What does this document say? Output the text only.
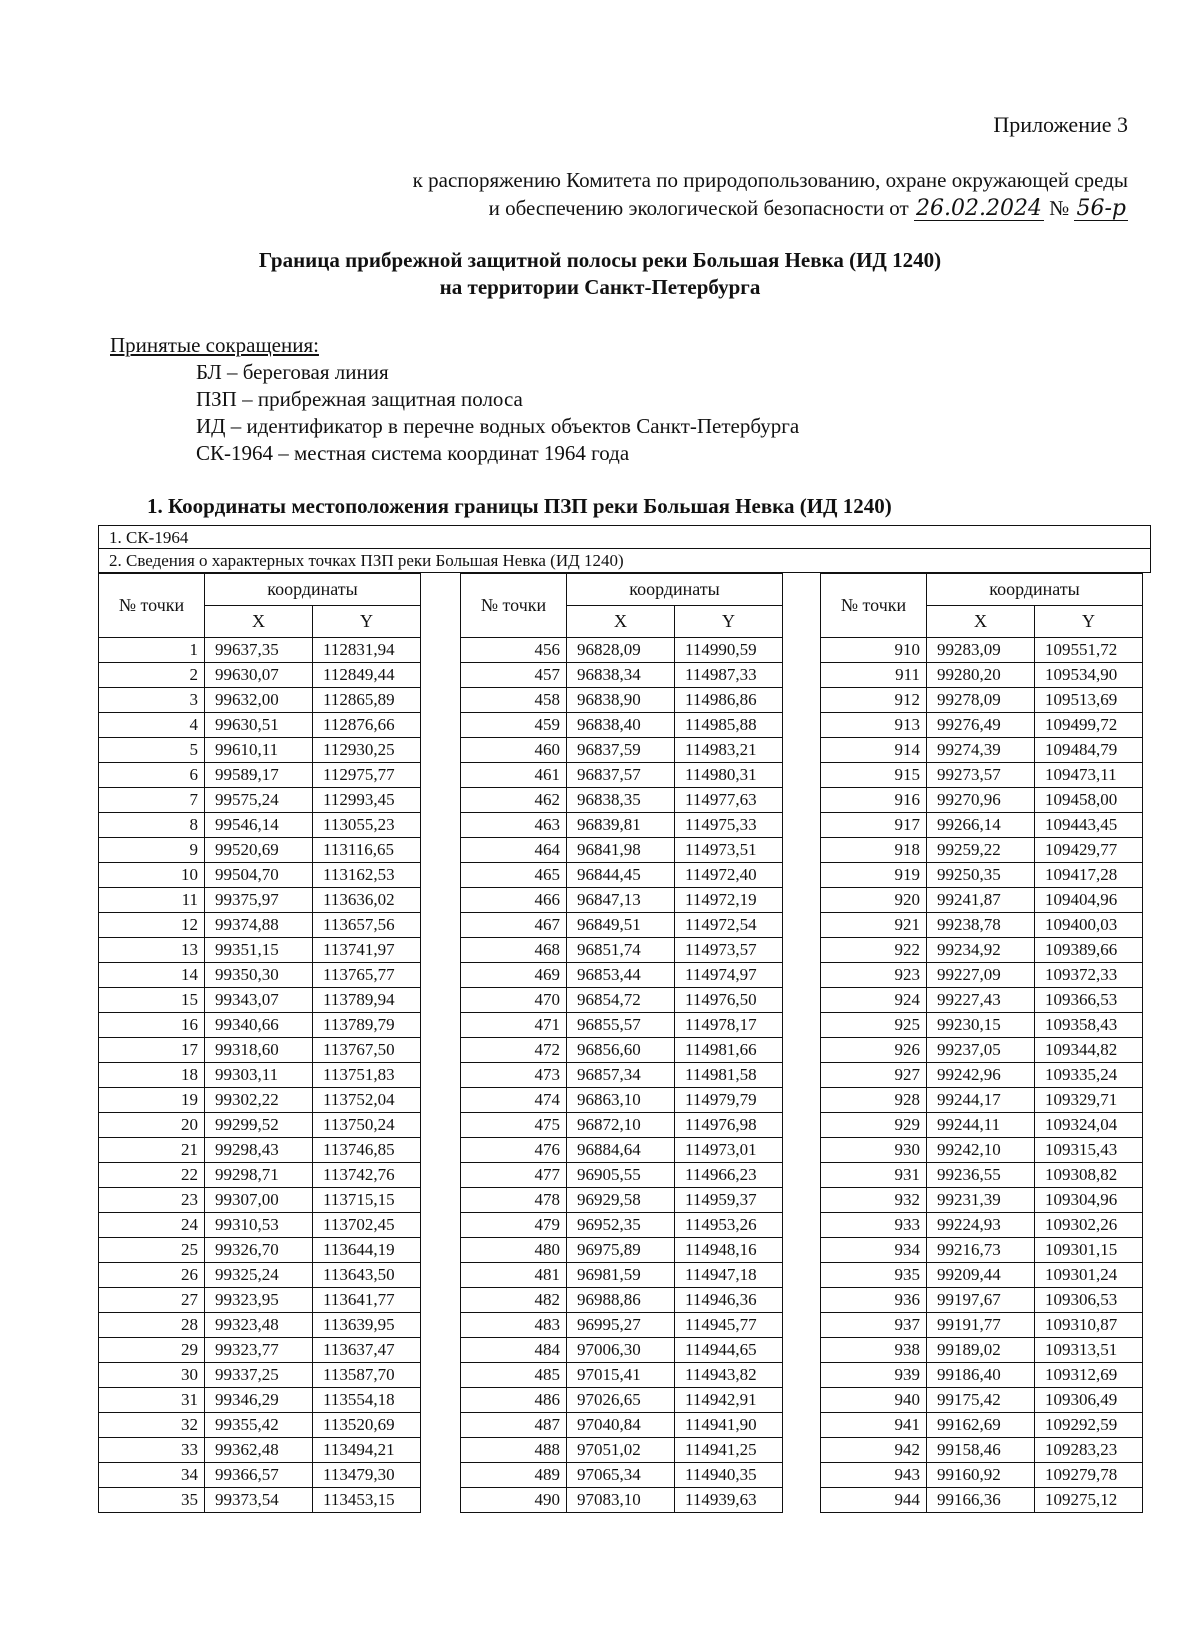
Приложение 3
к распоряжению Комитета по природопользованию, охране окружающей среды
и обеспечению экологической безопасности от 26.02.2024 № 56-р
Граница прибрежной защитной полосы реки Большая Невка (ИД 1240)
на территории Санкт-Петербурга
Принятые сокращения:
БЛ – береговая линия
ПЗП – прибрежная защитная полоса
ИД – идентификатор в перечне водных объектов Санкт-Петербурга
СК-1964 – местная система координат 1964 года
1. Координаты местоположения границы ПЗП реки Большая Невка (ИД 1240)
1. СК-1964
2. Сведения о характерных точках ПЗП реки Большая Невка (ИД 1240)
№ точки	координаты	
	X	Y
1	99637,35	112831,94
2	99630,07	112849,44
3	99632,00	112865,89
4	99630,51	112876,66
5	99610,11	112930,25
6	99589,17	112975,77
7	99575,24	112993,45
8	99546,14	113055,23
9	99520,69	113116,65
10	99504,70	113162,53
11	99375,97	113636,02
12	99374,88	113657,56
13	99351,15	113741,97
14	99350,30	113765,77
15	99343,07	113789,94
16	99340,66	113789,79
17	99318,60	113767,50
18	99303,11	113751,83
19	99302,22	113752,04
20	99299,52	113750,24
21	99298,43	113746,85
22	99298,71	113742,76
23	99307,00	113715,15
24	99310,53	113702,45
25	99326,70	113644,19
26	99325,24	113643,50
27	99323,95	113641,77
28	99323,48	113639,95
29	99323,77	113637,47
30	99337,25	113587,70
31	99346,29	113554,18
32	99355,42	113520,69
33	99362,48	113494,21
34	99366,57	113479,30
35	99373,54	113453,15
№ точки	координаты	
	X	Y
456	96828,09	114990,59
457	96838,34	114987,33
458	96838,90	114986,86
459	96838,40	114985,88
460	96837,59	114983,21
461	96837,57	114980,31
462	96838,35	114977,63
463	96839,81	114975,33
464	96841,98	114973,51
465	96844,45	114972,40
466	96847,13	114972,19
467	96849,51	114972,54
468	96851,74	114973,57
469	96853,44	114974,97
470	96854,72	114976,50
471	96855,57	114978,17
472	96856,60	114981,66
473	96857,34	114981,58
474	96863,10	114979,79
475	96872,10	114976,98
476	96884,64	114973,01
477	96905,55	114966,23
478	96929,58	114959,37
479	96952,35	114953,26
480	96975,89	114948,16
481	96981,59	114947,18
482	96988,86	114946,36
483	96995,27	114945,77
484	97006,30	114944,65
485	97015,41	114943,82
486	97026,65	114942,91
487	97040,84	114941,90
488	97051,02	114941,25
489	97065,34	114940,35
490	97083,10	114939,63
№ точки	координаты	
	X	Y
910	99283,09	109551,72
911	99280,20	109534,90
912	99278,09	109513,69
913	99276,49	109499,72
914	99274,39	109484,79
915	99273,57	109473,11
916	99270,96	109458,00
917	99266,14	109443,45
918	99259,22	109429,77
919	99250,35	109417,28
920	99241,87	109404,96
921	99238,78	109400,03
922	99234,92	109389,66
923	99227,09	109372,33
924	99227,43	109366,53
925	99230,15	109358,43
926	99237,05	109344,82
927	99242,96	109335,24
928	99244,17	109329,71
929	99244,11	109324,04
930	99242,10	109315,43
931	99236,55	109308,82
932	99231,39	109304,96
933	99224,93	109302,26
934	99216,73	109301,15
935	99209,44	109301,24
936	99197,67	109306,53
937	99191,77	109310,87
938	99189,02	109313,51
939	99186,40	109312,69
940	99175,42	109306,49
941	99162,69	109292,59
942	99158,46	109283,23
943	99160,92	109279,78
944	99166,36	109275,12
